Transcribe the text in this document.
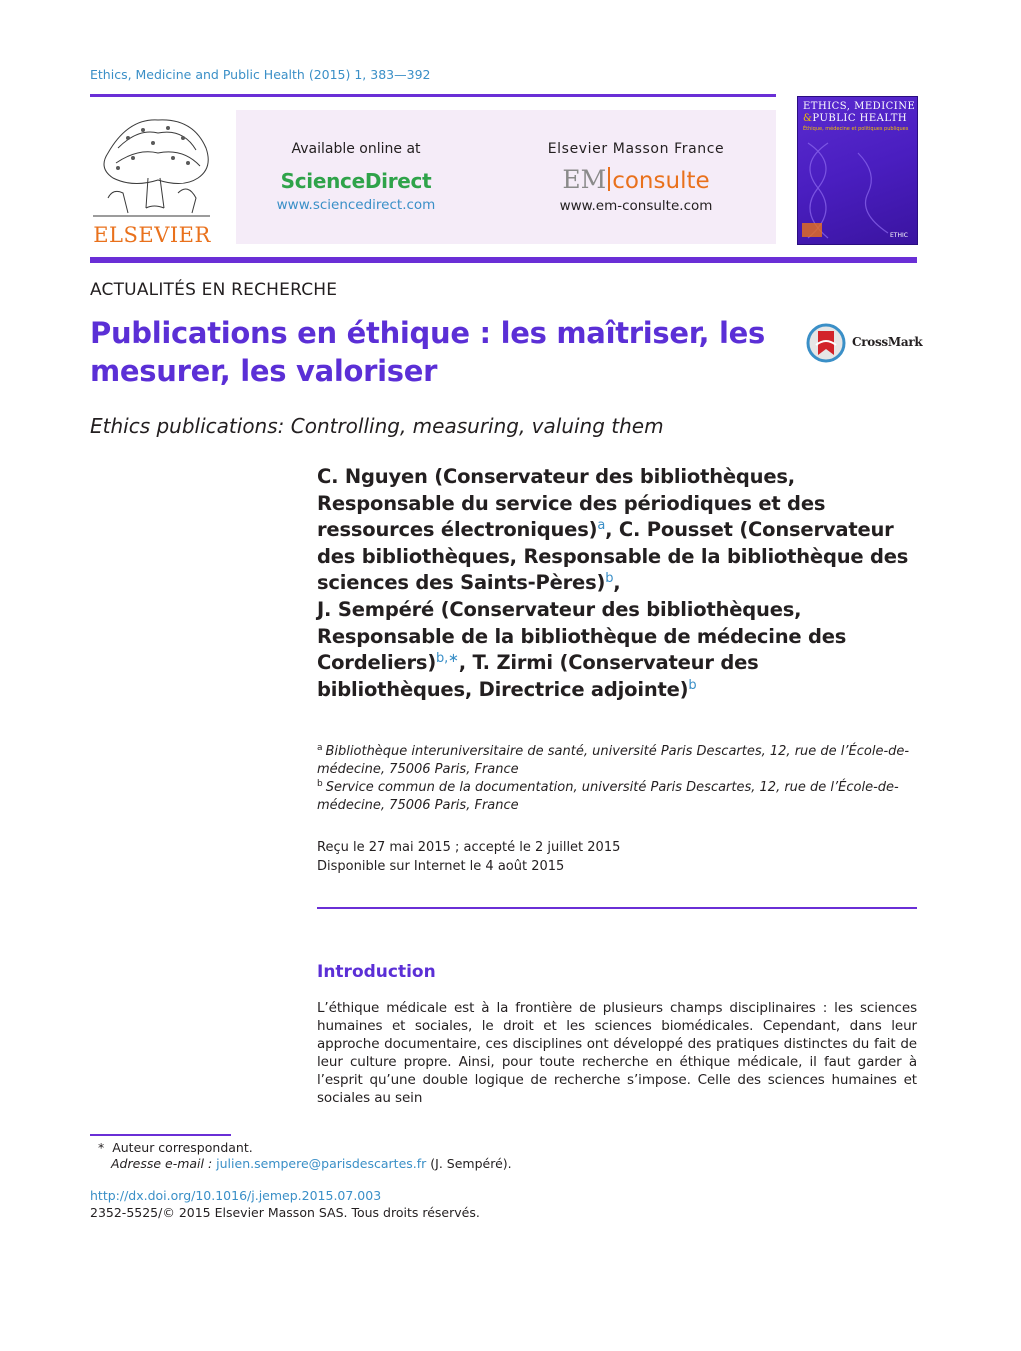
Ethics, Medicine and Public Health (2015) 1, 383—392
ELSEVIER
Available online at
ScienceDirect
www.sciencedirect.com
Elsevier Masson France
EM consulte
www.em-consulte.com
ETHICS, MEDICINE
&PUBLIC HEALTH
Éthique, médecine et politiques publiques
ETHIC
ACTUALITÉS EN RECHERCHE
Publications en éthique : les maîtriser, les mesurer, les valoriser
CrossMark
Ethics publications: Controlling, measuring, valuing them
C. Nguyen (Conservateur des bibliothèques, Responsable du service des périodiques et des ressources électroniques)$^a$, C. Pousset (Conservateur des bibliothèques, Responsable de la bibliothèque des sciences des Saints-Pères)$^b$,
J. Sempéré (Conservateur des bibliothèques, Responsable de la bibliothèque de médecine des Cordeliers)$^{b,∗}$, T. Zirmi (Conservateur des bibliothèques, Directrice adjointe)$^b$
$^a$ Bibliothèque interuniversitaire de santé, université Paris Descartes, 12, rue de l’École-de-médecine, 75006 Paris, France
$^b$ Service commun de la documentation, université Paris Descartes, 12, rue de l’École-de-médecine, 75006 Paris, France
Reçu le 27 mai 2015 ; accepté le 2 juillet 2015
Disponible sur Internet le 4 août 2015
Introduction

L’éthique médicale est à la frontière de plusieurs champs disciplinaires : les sciences humaines et sociales, le droit et les sciences biomédicales. Cependant, dans leur approche documentaire, ces disciplines ont développé des pratiques distinctes du fait de leur culture propre. Ainsi, pour toute recherche en éthique médicale, il faut garder à l’esprit qu’une double logique de recherche s’impose. Celle des sciences humaines et sociales au sein

* Auteur correspondant.
Adresse e-mail : julien.sempere@parisdescartes.fr (J. Sempéré).
http://dx.doi.org/10.1016/j.jemep.2015.07.003
2352-5525/© 2015 Elsevier Masson SAS. Tous droits réservés.
